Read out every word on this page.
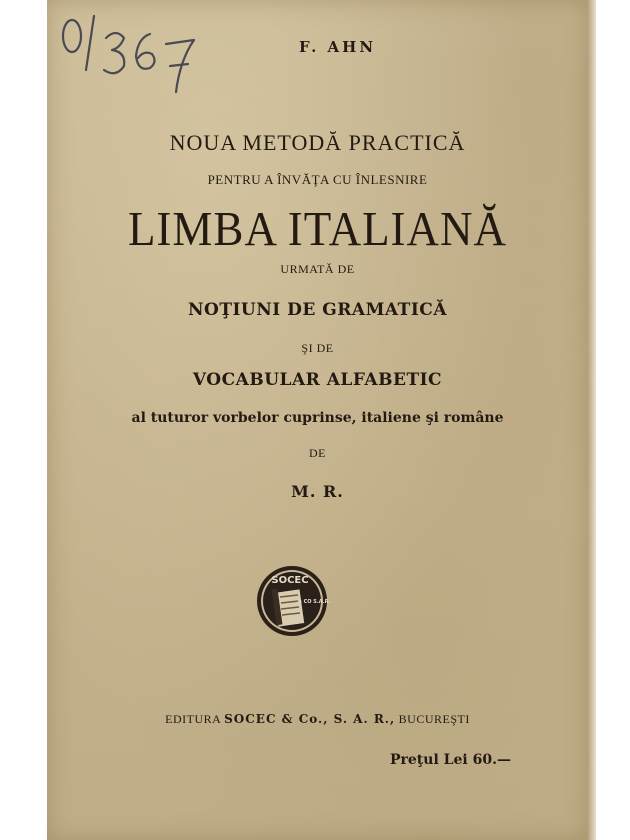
F. AHN

NOUA METODĂ PRACTICĂ

PENTRU A ÎNVĂŢA CU ÎNLESNIRE

LIMBA ITALIANĂ

URMATĂ DE

NOŢIUNI DE GRAMATICĂ

ŞI DE

VOCABULAR ALFABETIC

al tuturor vorbelor cuprinse, italiene şi române

DE

M. R.

SOCEC
& CO S.A.R.

EDITURA SOCEC & Co., S. A. R., BUCUREŞTI

Preţul Lei 60.—
